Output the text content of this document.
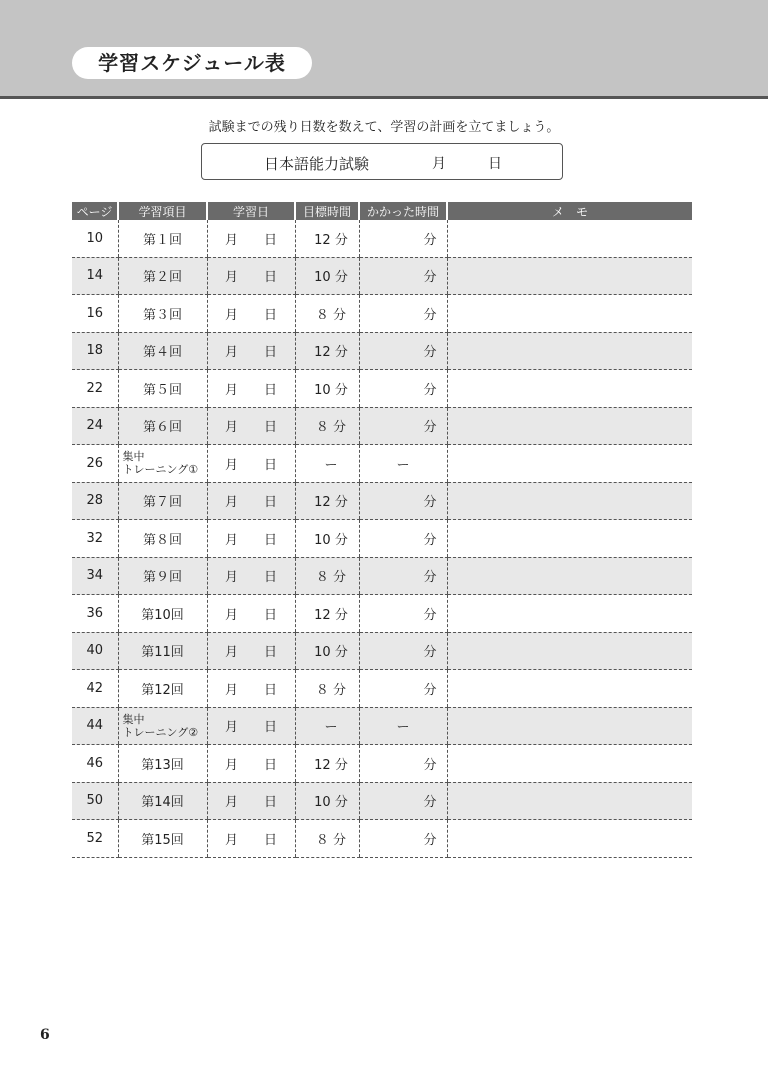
学習スケジュール表
試験までの残り日数を数えて、学習の計画を立てましょう。
日本語能力試験	月	日
ページ	学習項目	学習日	目標時間	かかった時間	メ　モ
10	第１回	月 日	12 分	分	
14	第２回	月 日	10 分	分	
16	第３回	月 日	８ 分	分	
18	第４回	月 日	12 分	分	
22	第５回	月 日	10 分	分	
24	第６回	月 日	８ 分	分	
26	集中
トレーニング①	月 日	ー	ー	
28	第７回	月 日	12 分	分	
32	第８回	月 日	10 分	分	
34	第９回	月 日	８ 分	分	
36	第10回	月 日	12 分	分	
40	第11回	月 日	10 分	分	
42	第12回	月 日	８ 分	分	
44	集中
トレーニング②	月 日	ー	ー	
46	第13回	月 日	12 分	分	
50	第14回	月 日	10 分	分	
52	第15回	月 日	８ 分	分	
6
